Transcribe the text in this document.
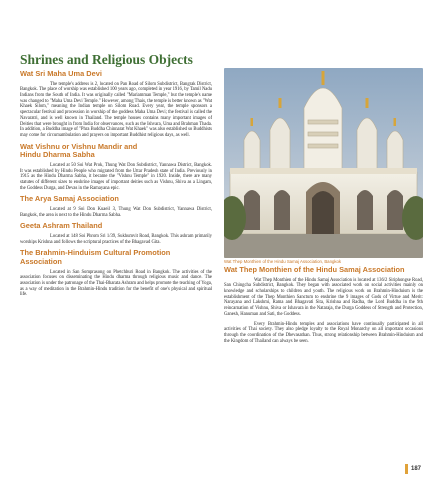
Shrines and Religious Objects
Wat Sri Maha Uma Devi

The temple's address is 2, located on Pan Road of Silom Subdistrict, Bangrak District, Bangkok. The place of worship was established 100 years ago, completed in year 1916, by Tamil Nadu Indians from the South of India. It was originally called "Mariamman Temple," but the temple's name was changed to "Maha Uma Devi Temple." However, among Thais, the temple is better known as "Wat Khaek Silom," meaning the Indian temple on Silom Road. Every year, the temple sponsors a spectacular festival and procession in worship of the goddess Maha Uma Devi; the festival is called the Navaratri, and is well known in Thailand. The temple houses contains many important images of Deities that were brought in from India for observances, such as the Ishvara, Uma and Brahman Thada. In addition, a Buddha image of "Phra Buddha Chinnarat Wat Khaek" was also established so Buddhists may come for circumambulation and prayers on important Buddhist religious days, as well.

Wat Vishnu or Vishnu Mandir and
Hindu Dharma Sabha

Located at 50 Soi Wat Prok, Thung Wat Don Subdistrict, Yannawa District, Bangkok. It was established by Hindu People who migrated from the Uttar Pradesh state of India. Previously in 1915 as the Hindu Dharma Sabha, it became the "Vishnu Temple" in 1920. Inside, there are many statutes of different sizes to enshrine images of important deities such as Vishnu, Shiva as a Lingam, the Goddess Durga, and Devas in the Ramayana epic.

The Arya Samaj Association

Located at 9 Soi Don Kuaeil 3, Thung Wat Don Subdistrict, Yannawa District, Bangkok, the area is next to the Hindu Dharma Sabha.

Geeta Ashram Thailand

Located at 148 Soi Phrom Sri 1/39, Sukhumvit Road, Bangkok. This ashram primarily worships Krishna and follows the scriptural practices of the Bhagavad Gita.

The Brahmin-Hinduism Cultural Promotion
Association

Located in San Somprasong on Phetchburi Road in Bangkok. The activities of the association focuses on disseminating the Hindu dharma through religious music and dance. The association is under the patronage of the Thai-Bharata Ashram and helps promote the teaching of Yoga, as a way of meditation in the Brahmin-Hindu tradition for the benefit of one's physical and spiritual life.

Wat Thep Monthien of the Hindu Samaj Association, Bangkok
Wat Thep Monthien of the Hindu Samaj Association

Wat Thep Monthien of the Hindu Samaj Association is located at 136/2 Siriphongse Road, San Chingcha Subdistrict, Bangkok. They began with associated work on social activities mainly on knowledge and scholarships to children and youth. The religious work on Brahmin-Hinduism is the establishment of the Thep Monthien Sanctum to enshrine the 9 images of Gods of Virtue and Merit: Narayana and Lakshmi, Rama and Bhagavati Sita, Krishna and Radha, the Lord Buddha in the 9th reincarnation of Vishnu, Shiva or Ishavara in the Nataraja, the Durga Goddess of Strength and Protection, Ganesh, Hanuman and Sati, the Goddess.

Every Brahmin-Hindu temples and associations have continually participated in all activities of Thai society. They also pledge loyalty to the Royal Monarchy on all important occasions through the coordination of the Dhevasathan. Thus, strong relationship between Brahmin-Hinduism and the Kingdom of Thailand can always be seen.

187
